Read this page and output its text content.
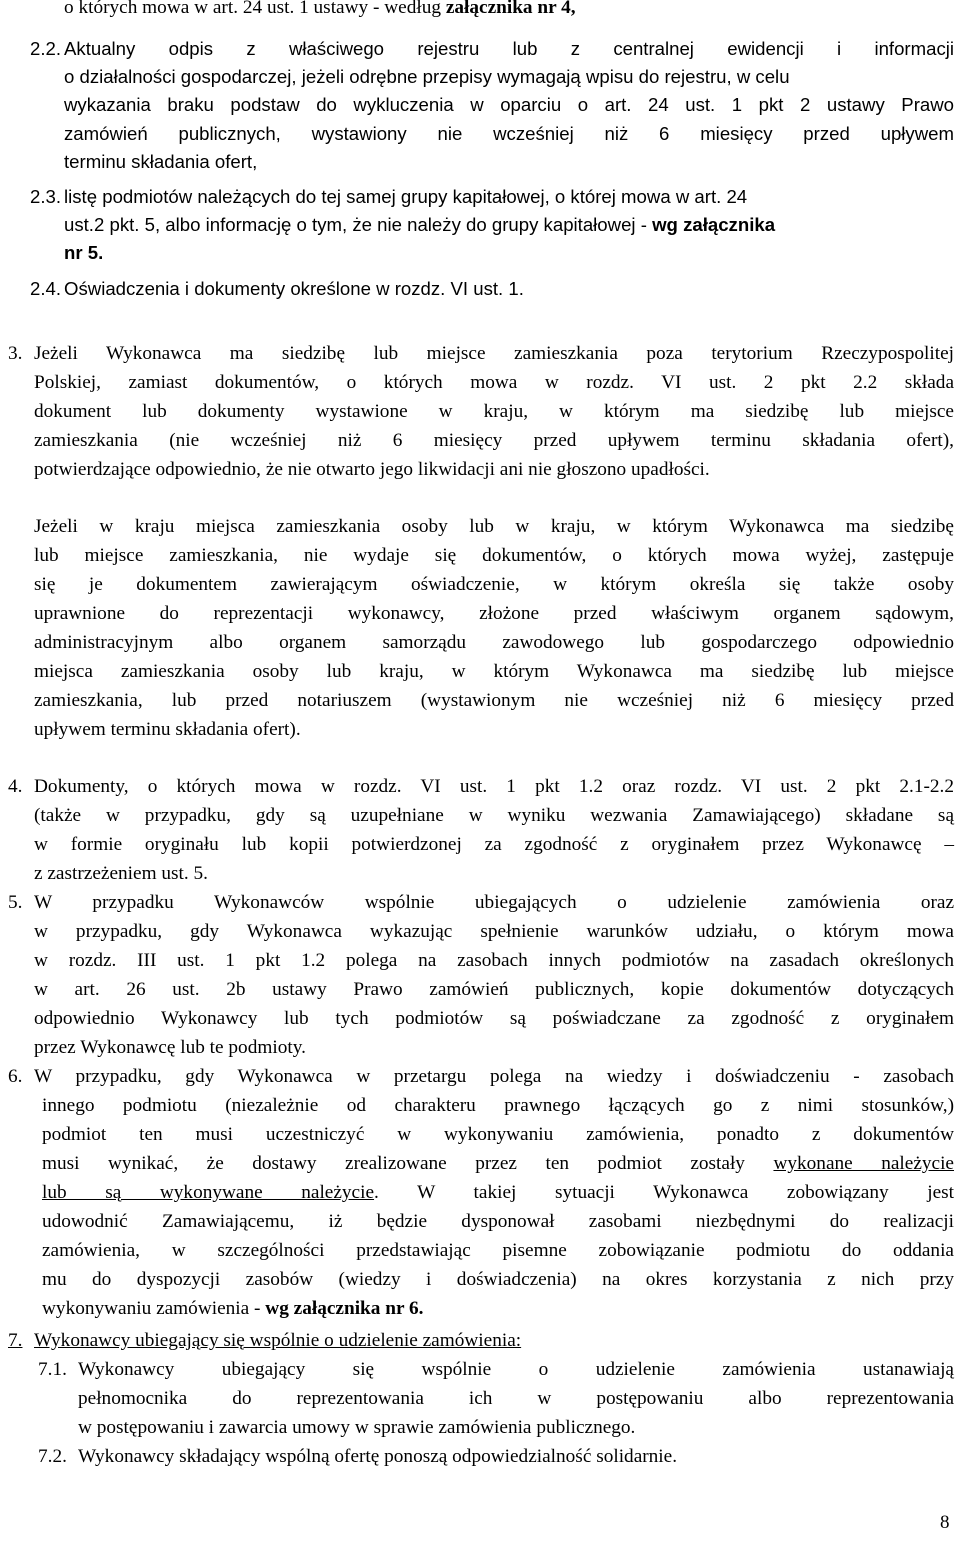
o których mowa w art. 24 ust. 1 ustawy - według załącznika nr 4,
2.2. Aktualny odpis z właściwego rejestru lub z centralnej ewidencji i informacji
o działalności gospodarczej, jeżeli odrębne przepisy wymagają wpisu do rejestru, w celu
wykazania braku podstaw do wykluczenia w oparciu o art. 24 ust. 1 pkt 2 ustawy Prawo
zamówień publicznych, wystawiony nie wcześniej niż 6 miesięcy przed upływem
terminu składania ofert,
2.3. listę podmiotów należących do tej samej grupy kapitałowej, o której mowa w art. 24
ust.2 pkt. 5, albo informację o tym, że nie należy do grupy kapitałowej - wg załącznika
nr 5.
2.4. Oświadczenia i dokumenty określone w rozdz. VI ust. 1.
3. Jeżeli Wykonawca ma siedzibę lub miejsce zamieszkania poza terytorium Rzeczypospolitej
Polskiej, zamiast dokumentów, o których mowa w rozdz. VI ust. 2 pkt 2.2 składa
dokument lub dokumenty wystawione w kraju, w którym ma siedzibę lub miejsce
zamieszkania (nie wcześniej niż 6 miesięcy przed upływem terminu składania ofert),
potwierdzające odpowiednio, że nie otwarto jego likwidacji ani nie głoszono upadłości.
Jeżeli w kraju miejsca zamieszkania osoby lub w kraju, w którym Wykonawca ma siedzibę
lub miejsce zamieszkania, nie wydaje się dokumentów, o których mowa wyżej, zastępuje
się je dokumentem zawierającym oświadczenie, w którym określa się także osoby
uprawnione do reprezentacji wykonawcy, złożone przed właściwym organem sądowym,
administracyjnym albo organem samorządu zawodowego lub gospodarczego odpowiednio
miejsca zamieszkania osoby lub kraju, w którym Wykonawca ma siedzibę lub miejsce
zamieszkania, lub przed notariuszem (wystawionym nie wcześniej niż 6 miesięcy przed
upływem terminu składania ofert).
4. Dokumenty, o których mowa w rozdz. VI ust. 1 pkt 1.2 oraz rozdz. VI ust. 2 pkt 2.1-2.2
(także w przypadku, gdy są uzupełniane w wyniku wezwania Zamawiającego) składane są
w formie oryginału lub kopii potwierdzonej za zgodność z oryginałem przez Wykonawcę –
z zastrzeżeniem ust. 5.
5. W przypadku Wykonawców wspólnie ubiegających o udzielenie zamówienia oraz
w przypadku, gdy Wykonawca wykazując spełnienie warunków udziału, o którym mowa
w rozdz. III ust. 1 pkt 1.2 polega na zasobach innych podmiotów na zasadach określonych
w art. 26 ust. 2b ustawy Prawo zamówień publicznych, kopie dokumentów dotyczących
odpowiednio Wykonawcy lub tych podmiotów są poświadczane za zgodność z oryginałem
przez Wykonawcę lub te podmioty.
6. W przypadku, gdy Wykonawca w przetargu polega na wiedzy i doświadczeniu - zasobach
innego podmiotu (niezależnie od charakteru prawnego łączących go z nimi stosunków,)
podmiot ten musi uczestniczyć w wykonywaniu zamówienia, ponadto z dokumentów
musi wynikać, że dostawy zrealizowane przez ten podmiot zostały wykonane należycie
lub są wykonywane należycie. W takiej sytuacji Wykonawca zobowiązany jest
udowodnić Zamawiającemu, iż będzie dysponował zasobami niezbędnymi do realizacji
zamówienia, w szczególności przedstawiając pisemne zobowiązanie podmiotu do oddania
mu do dyspozycji zasobów (wiedzy i doświadczenia) na okres korzystania z nich przy
wykonywaniu zamówienia - wg załącznika nr 6.
7. Wykonawcy ubiegający się wspólnie o udzielenie zamówienia:
7.1. Wykonawcy ubiegający się wspólnie o udzielenie zamówienia ustanawiają
pełnomocnika do reprezentowania ich w postępowaniu albo reprezentowania
w postępowaniu i zawarcia umowy w sprawie zamówienia publicznego.
7.2. Wykonawcy składający wspólną ofertę ponoszą odpowiedzialność solidarnie.
8
